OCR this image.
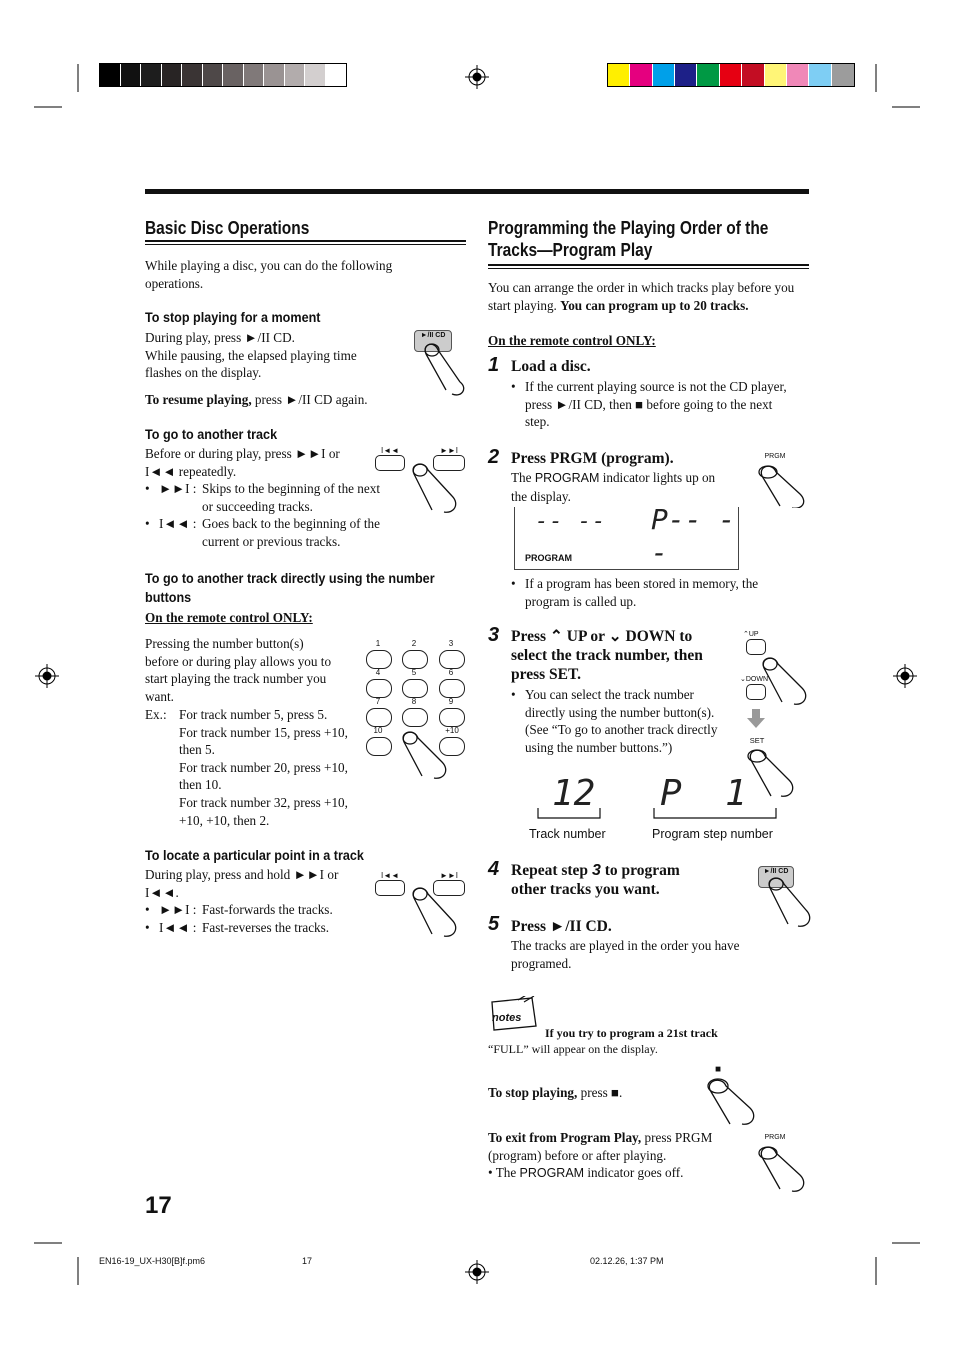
Basic Disc Operations
While playing a disc, you can do the following operations.
To stop playing for a moment
During play, press ►/II CD.
While pausing, the elapsed playing time flashes on the display.
To resume playing, press ►/II CD again.
►/II CD
To go to another track
Before or during play, press ►►I or I◄◄ repeatedly.
• ►►I : Skips to the beginning of the next or succeeding tracks.
• I◄◄ : Goes back to the beginning of the current or previous tracks.
I◄◄	►►I
To go to another track directly using the number buttons
On the remote control ONLY:
Pressing the number button(s) before or during play allows you to start playing the track number you want.
Ex.: For track number 5, press 5.
For track number 15, press +10, then 5.
For track number 20, press +10, then 10.
For track number 32, press +10, +10, +10, then 2.
1	2	3
4	5	6
7	8	9
10	+10
To locate a particular point in a track
During play, press and hold ►►I or I◄◄.
• ►►I : Fast-forwards the tracks.
• I◄◄ : Fast-reverses the tracks.
I◄◄	►►I
17
Programming the Playing Order of the
Tracks—Program Play
You can arrange the order in which tracks play before you start playing. You can program up to 20 tracks.
On the remote control ONLY:
1 Load a disc.
• If the current playing source is not the CD player, press ►/II CD, then ■ before going to the next step.
2 Press PRGM (program).
The PROGRAM indicator lights up on the display.
PRGM
-- -- P-- --
PROGRAM
• If a program has been stored in memory, the program is called up.
3 Press ⌃ UP or ⌄ DOWN to select the track number, then press SET.
• You can select the track number directly using the number button(s). (See “To go to another track directly using the number buttons.”)
⌃UP
⌄DOWN
SET
12 P  1
Track number	Program step number
4 Repeat step 3 to program other tracks you want.
►/II CD
5 Press ►/II CD.
The tracks are played in the order you have programed.
notes
If you try to program a 21st track
“FULL” will appear on the display.
To stop playing, press ■.
■
To exit from Program Play, press PRGM (program) before or after playing.
• The PROGRAM indicator goes off.
PRGM
EN16-19_UX-H30[B]f.pm6	17	02.12.26, 1:37 PM
